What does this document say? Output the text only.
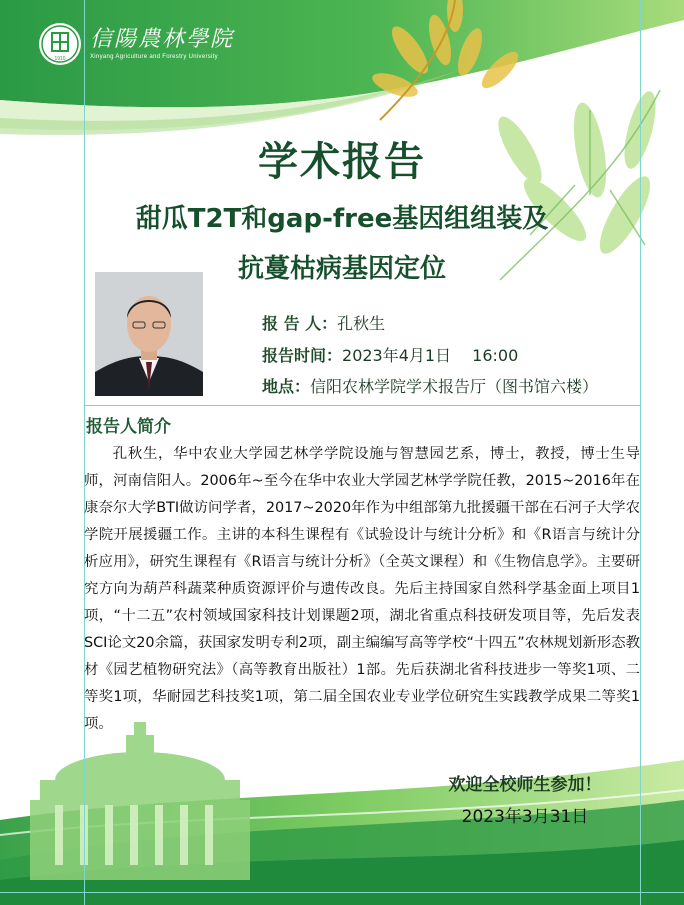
1910
信陽農林學院
Xinyang Agriculture and Forestry University
学术报告
甜瓜T2T和gap-free基因组组装及
抗蔓枯病基因定位
报 告 人：孔秋生
报告时间：2023年4月1日　 16:00
地点：信阳农林学院学术报告厅（图书馆六楼）
报告人简介
孔秋生，华中农业大学园艺林学学院设施与智慧园艺系，博士，教授，博士生导师，河南信阳人。2006年~至今在华中农业大学园艺林学学院任教，2015~2016年在康奈尔大学BTI做访问学者，2017~2020年作为中组部第九批援疆干部在石河子大学农学院开展援疆工作。主讲的本科生课程有《试验设计与统计分析》和《R语言与统计分析应用》，研究生课程有《R语言与统计分析》（全英文课程）和《生物信息学》。主要研究方向为葫芦科蔬菜种质资源评价与遗传改良。先后主持国家自然科学基金面上项目1项，“十二五”农村领域国家科技计划课题2项，湖北省重点科技研发项目等，先后发表SCI论文20余篇，获国家发明专利2项，副主编编写高等学校“十四五”农林规划新形态教材《园艺植物研究法》（高等教育出版社）1部。先后获湖北省科技进步一等奖1项、二等奖1项，华耐园艺科技奖1项，第二届全国农业专业学位研究生实践教学成果二等奖1项。
欢迎全校师生参加！
2023年3月31日
